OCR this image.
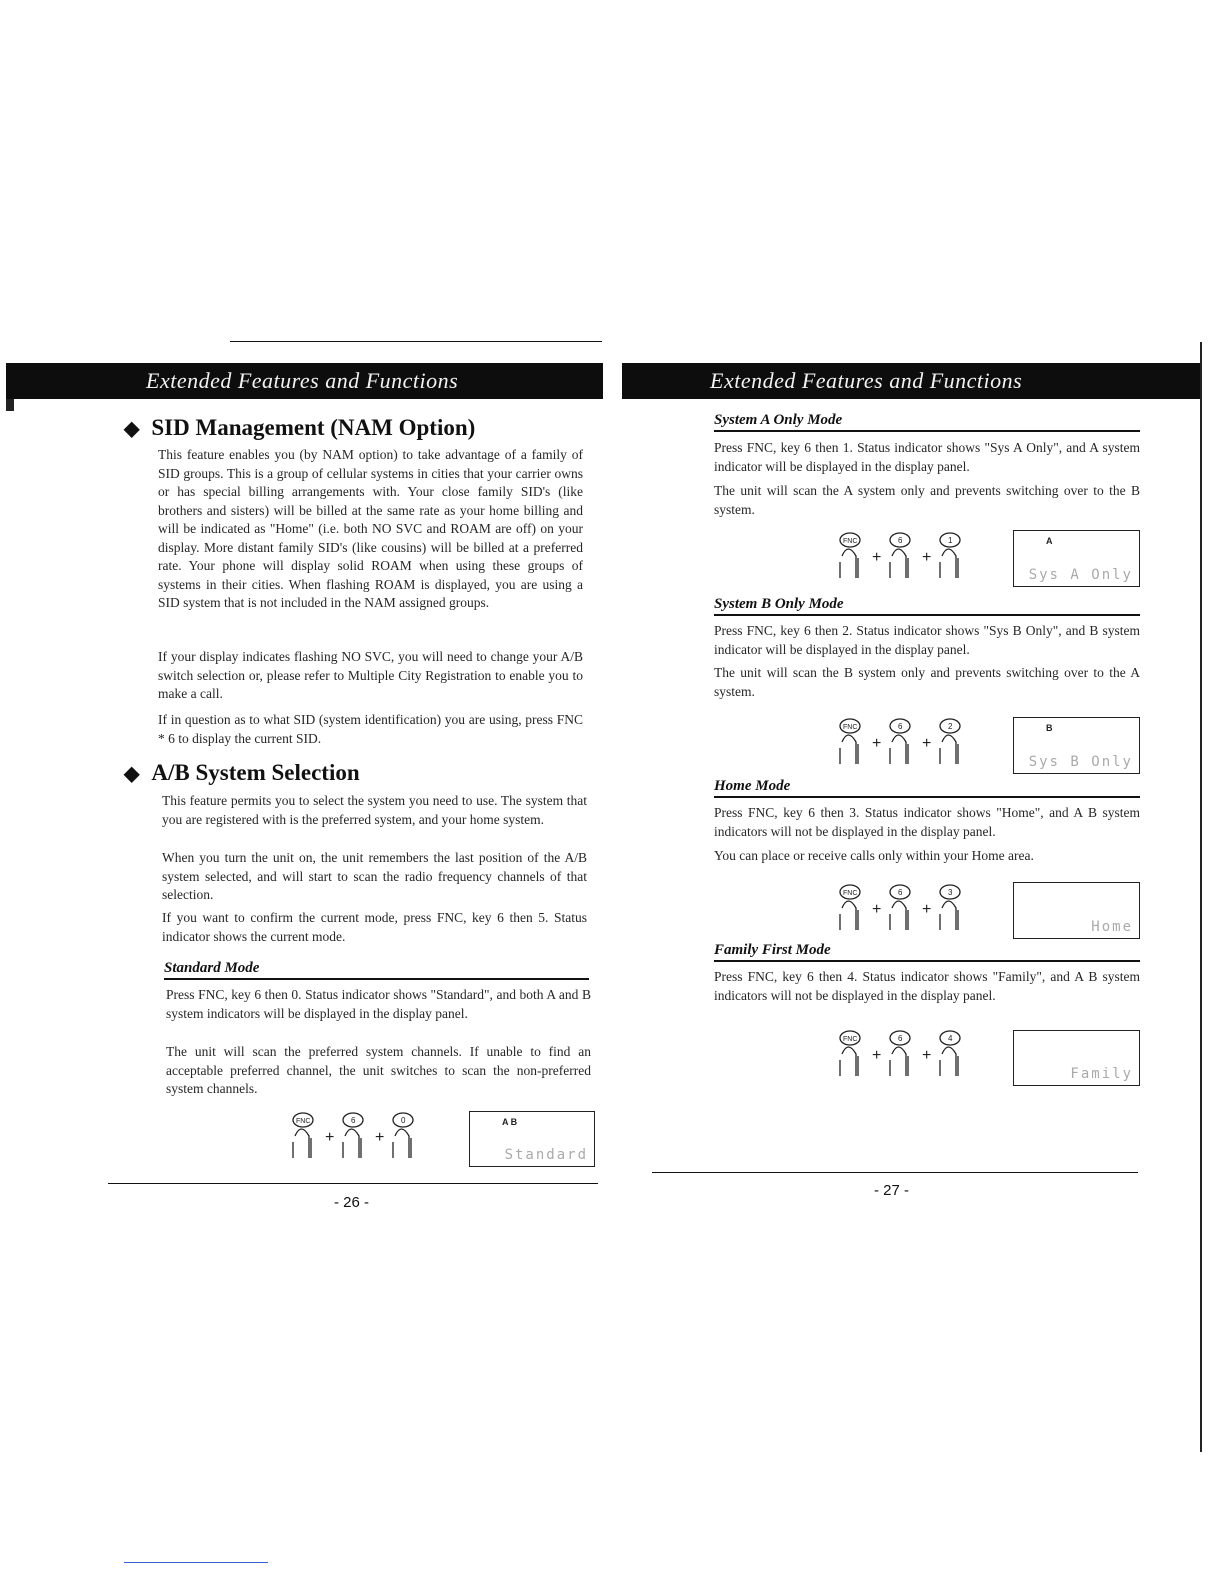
Extended Features and Functions
◆ SID Management (NAM Option)
This feature enables you (by NAM option) to take advantage of a family of SID groups. This is a group of cellular systems in cities that your carrier owns or has special billing arrangements with. Your close family SID's (like brothers and sisters) will be billed at the same rate as your home billing and will be indicated as "Home" (i.e. both NO SVC and ROAM are off) on your display. More distant family SID's (like cousins) will be billed at a preferred rate. Your phone will display solid ROAM when using these groups of systems in their cities. When flashing ROAM is displayed, you are using a SID system that is not included in the NAM assigned groups.
If your display indicates flashing NO SVC, you will need to change your A/B switch selection or, please refer to Multiple City Registration to enable you to make a call.
If in question as to what SID (system identification) you are using, press FNC * 6 to display the current SID.
◆ A/B System Selection
This feature permits you to select the system you need to use. The system that you are registered with is the preferred system, and your home system.
When you turn the unit on, the unit remembers the last position of the A/B system selected, and will start to scan the radio frequency channels of that selection.
If you want to confirm the current mode, press FNC, key 6 then 5. Status indicator shows the current mode.
Standard Mode
Press FNC, key 6 then 0. Status indicator shows "Standard", and both A and B system indicators will be displayed in the display panel.
The unit will scan the preferred system channels. If unable to find an acceptable preferred channel, the unit switches to scan the non-preferred system channels.
+	+
FNC	6	0	A B
Standard
- 26 -
Extended Features and Functions
System A Only Mode
Press FNC, key 6 then 1. Status indicator shows "Sys A Only", and A system indicator will be displayed in the display panel.
The unit will scan the A system only and prevents switching over to the B system.
+	+
FNC	6	1	A
Sys A Only
System B Only Mode
Press FNC, key 6 then 2. Status indicator shows "Sys B Only", and B system indicator will be displayed in the display panel.
The unit will scan the B system only and prevents switching over to the A system.
+	+
FNC	6	2	B
Sys B Only
Home Mode
Press FNC, key 6 then 3. Status indicator shows "Home", and A B system indicators will not be displayed in the display panel.
You can place or receive calls only within your Home area.
+	+
FNC	6	3
Home
Family First Mode
Press FNC, key 6 then 4. Status indicator shows "Family", and A B system indicators will not be displayed in the display panel.
+	+
FNC	6	4
Family
- 27 -
